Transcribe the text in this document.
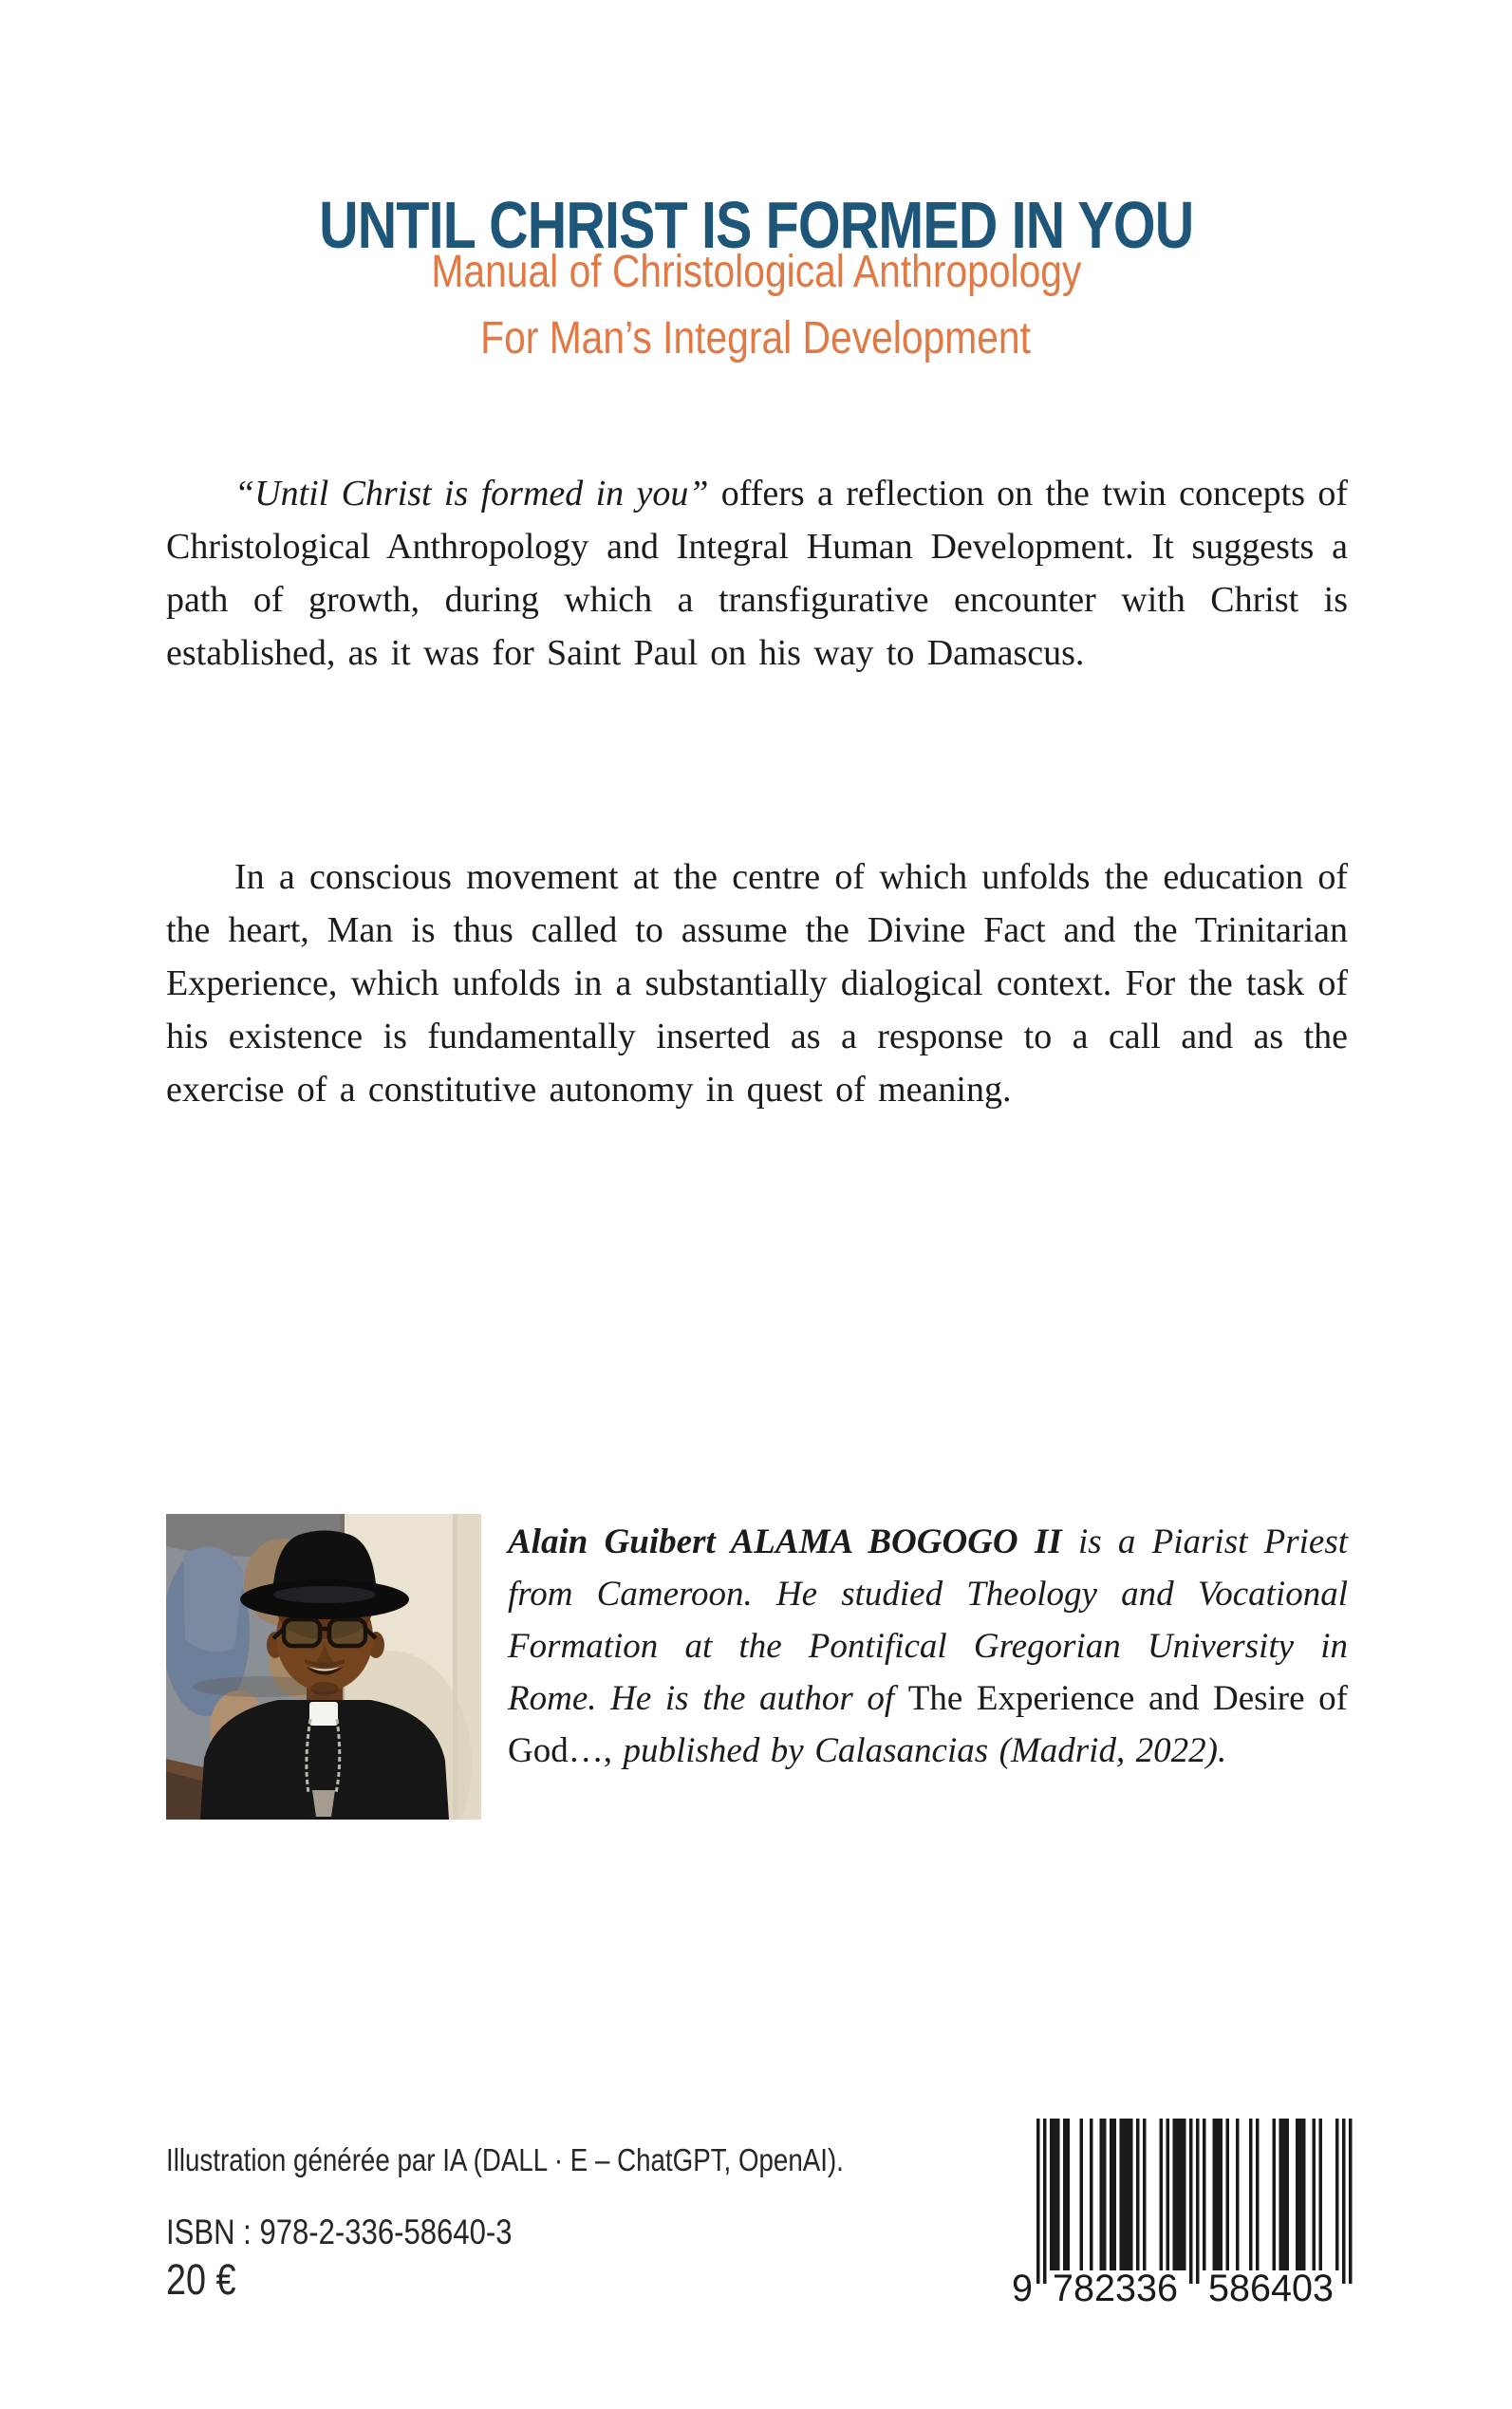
UNTIL CHRIST IS FORMED IN YOU
Manual of Christological Anthropology
For Man’s Integral Development

“Until Christ is formed in you” offers a reflection on the twin concepts of Christological Anthropology and Integral Human Development. It suggests a path of growth, during which a transfigurative encounter with Christ is established, as it was for Saint Paul on his way to Damascus.

In a conscious movement at the centre of which unfolds the education of the heart, Man is thus called to assume the Divine Fact and the Trinitarian Experience, which unfolds in a substantially dialogical context. For the task of his existence is fundamentally inserted as a response to a call and as the exercise of a constitutive autonomy in quest of meaning.

Alain Guibert ALAMA BOGOGO II is a Piarist Priest from Cameroon. He studied Theology and Vocational Formation at the Pontifical Gregorian University in Rome. He is the author of The Experience and Desire of God…, published by Calasancias (Madrid, 2022).

Illustration générée par IA (DALL · E – ChatGPT, OpenAI).
ISBN : 978-2-336-58640-3
20 €	9 782336 586403
